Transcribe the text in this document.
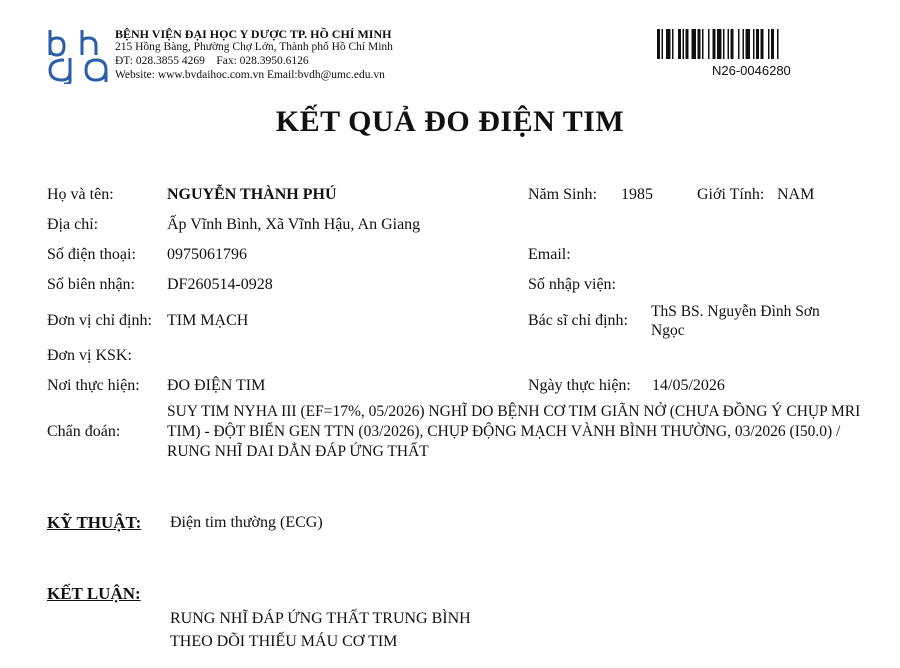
BỆNH VIỆN ĐẠI HỌC Y DƯỢC TP. HỒ CHÍ MINH
215 Hồng Bàng, Phường Chợ Lớn, Thành phố Hồ Chí Minh
ĐT: 028.3855 4269    Fax: 028.3950.6126
Website: www.bvdaihoc.com.vn Email:bvdh@umc.edu.vn	N26-0046280
KẾT QUẢ ĐO ĐIỆN TIM
Họ và tên:	NGUYỄN THÀNH PHÚ	Năm Sinh: 1985	Giới Tính: NAM
Địa chỉ:	Ấp Vĩnh Bình, Xã Vĩnh Hậu, An Giang
Số điện thoại: 0975061796	Email:
Số biên nhận: DF260514-0928	Số nhập viện:
Đơn vị chỉ định: TIM MẠCH	Bác sĩ chỉ định:
ThS BS. Nguyễn Đình Sơn Ngọc
Đơn vị KSK:
Nơi thực hiện: ĐO ĐIỆN TIM	Ngày thực hiện: 14/05/2026
Chẩn đoán:
SUY TIM NYHA III (EF=17%, 05/2026) NGHĨ DO BỆNH CƠ TIM GIÃN NỞ (CHƯA ĐỒNG Ý CHỤP MRI TIM) - ĐỘT BIẾN GEN TTN (03/2026), CHỤP ĐỘNG MẠCH VÀNH BÌNH THƯỜNG, 03/2026 (I50.0) / RUNG NHĨ DAI DẲN ĐÁP ỨNG THẤT
KỸ THUẬT: Điện tim thường (ECG)
KẾT LUẬN:
RUNG NHĨ ĐÁP ỨNG THẤT TRUNG BÌNH
THEO DÕI THIẾU MÁU CƠ TIM
